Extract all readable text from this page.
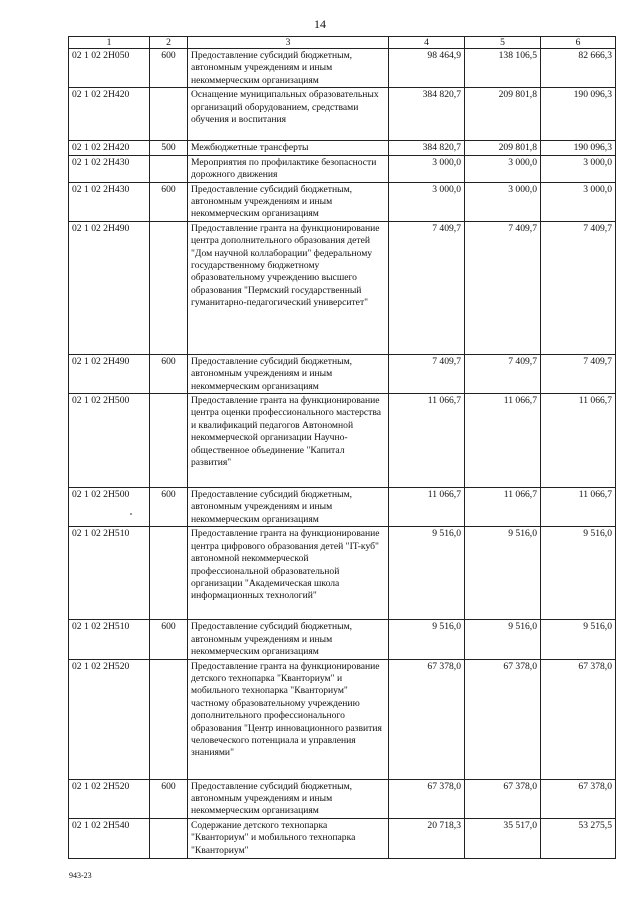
14
1	2	3	4	5	6
02 1 02 2Н050	600	Предоставление субсидий бюджетным, автономным учреждениям и иным некоммерческим организациям	98 464,9	138 106,5	82 666,3
02 1 02 2Н420		Оснащение муниципальных образовательных организаций оборудованием, средствами обучения и воспитания	384 820,7	209 801,8	190 096,3
02 1 02 2Н420	500	Межбюджетные трансферты	384 820,7	209 801,8	190 096,3
02 1 02 2Н430		Мероприятия по профилактике безопасности дорожного движения	3 000,0	3 000,0	3 000,0
02 1 02 2Н430	600	Предоставление субсидий бюджетным, автономным учреждениям и иным некоммерческим организациям	3 000,0	3 000,0	3 000,0
02 1 02 2Н490		Предоставление гранта на функционирование центра дополнительного образования детей "Дом научной коллаборации" федеральному государственному бюджетному образовательному учреждению высшего образования "Пермский государственный гуманитарно-педагогический университет"	7 409,7	7 409,7	7 409,7
02 1 02 2Н490	600	Предоставление субсидий бюджетным, автономным учреждениям и иным некоммерческим организациям	7 409,7	7 409,7	7 409,7
02 1 02 2Н500		Предоставление гранта на функционирование центра оценки профессионального мастерства и квалификаций педагогов Автономной некоммерческой организации Научно-общественное объединение "Капитал развития"	11 066,7	11 066,7	11 066,7
02 1 02 2Н500	600	Предоставление субсидий бюджетным, автономным учреждениям и иным некоммерческим организациям	11 066,7	11 066,7	11 066,7
02 1 02 2Н510		Предоставление гранта на функционирование центра цифрового образования детей "IT-куб" автономной некоммерческой профессиональной образовательной организации "Академическая школа информационных технологий"	9 516,0	9 516,0	9 516,0
02 1 02 2Н510	600	Предоставление субсидий бюджетным, автономным учреждениям и иным некоммерческим организациям	9 516,0	9 516,0	9 516,0
02 1 02 2Н520		Предоставление гранта на функционирование детского технопарка "Кванториум" и мобильного технопарка "Кванториум" частному образовательному учреждению дополнительного профессионального образования "Центр инновационного развития человеческого потенциала и управления знаниями"	67 378,0	67 378,0	67 378,0
02 1 02 2Н520	600	Предоставление субсидий бюджетным, автономным учреждениям и иным некоммерческим организациям	67 378,0	67 378,0	67 378,0
02 1 02 2Н540		Содержание детского технопарка "Кванториум" и мобильного технопарка "Кванториум"	20 718,3	35 517,0	53 275,5
943-23
